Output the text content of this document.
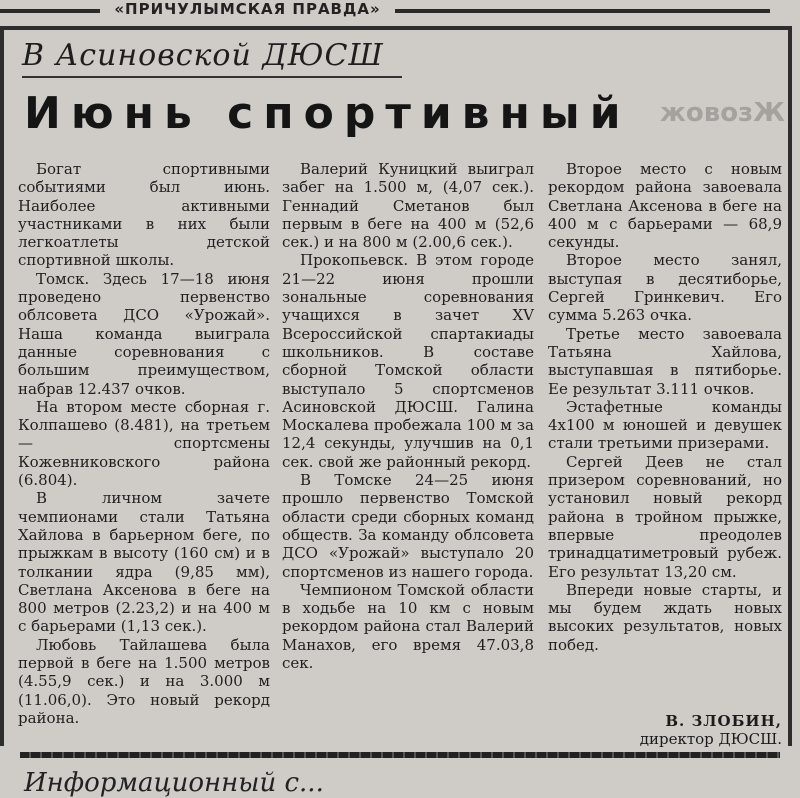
«ПРИЧУЛЫМСКАЯ ПРАВДА»
В Асиновской ДЮСШ
Июнь спортивный жовозЖ

Богат спортивными событиями был июнь. Наиболее активными участниками в них были легкоатлеты детской спортивной школы.

Томск. Здесь 17—18 июня проведено первенство облсовета ДСО «Урожай». Наша команда выиграла данные соревнования с большим преимуществом, набрав 12.437 очков.

На втором месте сборная г. Колпашево (8.481), на третьем — спортсмены Кожевниковского района (6.804).

В личном зачете чемпионами стали Татьяна Хайлова в барьерном беге, по прыжкам в высоту (160 см) и в толкании ядра (9,85 мм), Светлана Аксенова в беге на 800 метров (2.23,2) и на 400 м с барьерами (1,13 сек.).

Любовь Тайлашева была первой в беге на 1.500 метров (4.55,9 сек.) и на 3.000 м (11.06,0). Это новый рекорд района.

Валерий Куницкий выиграл забег на 1.500 м, (4,07 сек.). Геннадий Сметанов был первым в беге на 400 м (52,6 сек.) и на 800 м (2.00,6 сек.).

Прокопьевск. В этом городе 21—22 июня прошли зональные соревнования учащихся в зачет XV Всероссийской спартакиады школьников. В составе сборной Томской области выступало 5 спортсменов Асиновской ДЮСШ. Галина Москалева пробежала 100 м за 12,4 секунды, улучшив на 0,1 сек. свой же районный рекорд.

В Томске 24—25 июня прошло первенство Томской области среди сборных команд обществ. За команду облсовета ДСО «Урожай» выступало 20 спортсменов из нашего города.

Чемпионом Томской области в ходьбе на 10 км с новым рекордом района стал Валерий Манахов, его время 47.03,8 сек.

Второе место с новым рекордом района завоевала Светлана Аксенова в беге на 400 м с барьерами — 68,9 секунды.

Второе место занял, выступая в десятиборье, Сергей Гринкевич. Его сумма 5.263 очка.

Третье место завоевала Татьяна Хайлова, выступавшая в пятиборье. Ее результат 3.111 очков.

Эстафетные команды 4х100 м юношей и девушек стали третьими призерами.

Сергей Деев не стал призером соревнований, но установил новый рекорд района в тройном прыжке, впервые преодолев тринадцатиметровый рубеж. Его результат 13,20 см.

Впереди новые старты, и мы будем ждать новых высоких результатов, новых побед.

В. ЗЛОБИН,
директор ДЮСШ.
Информационный с...
